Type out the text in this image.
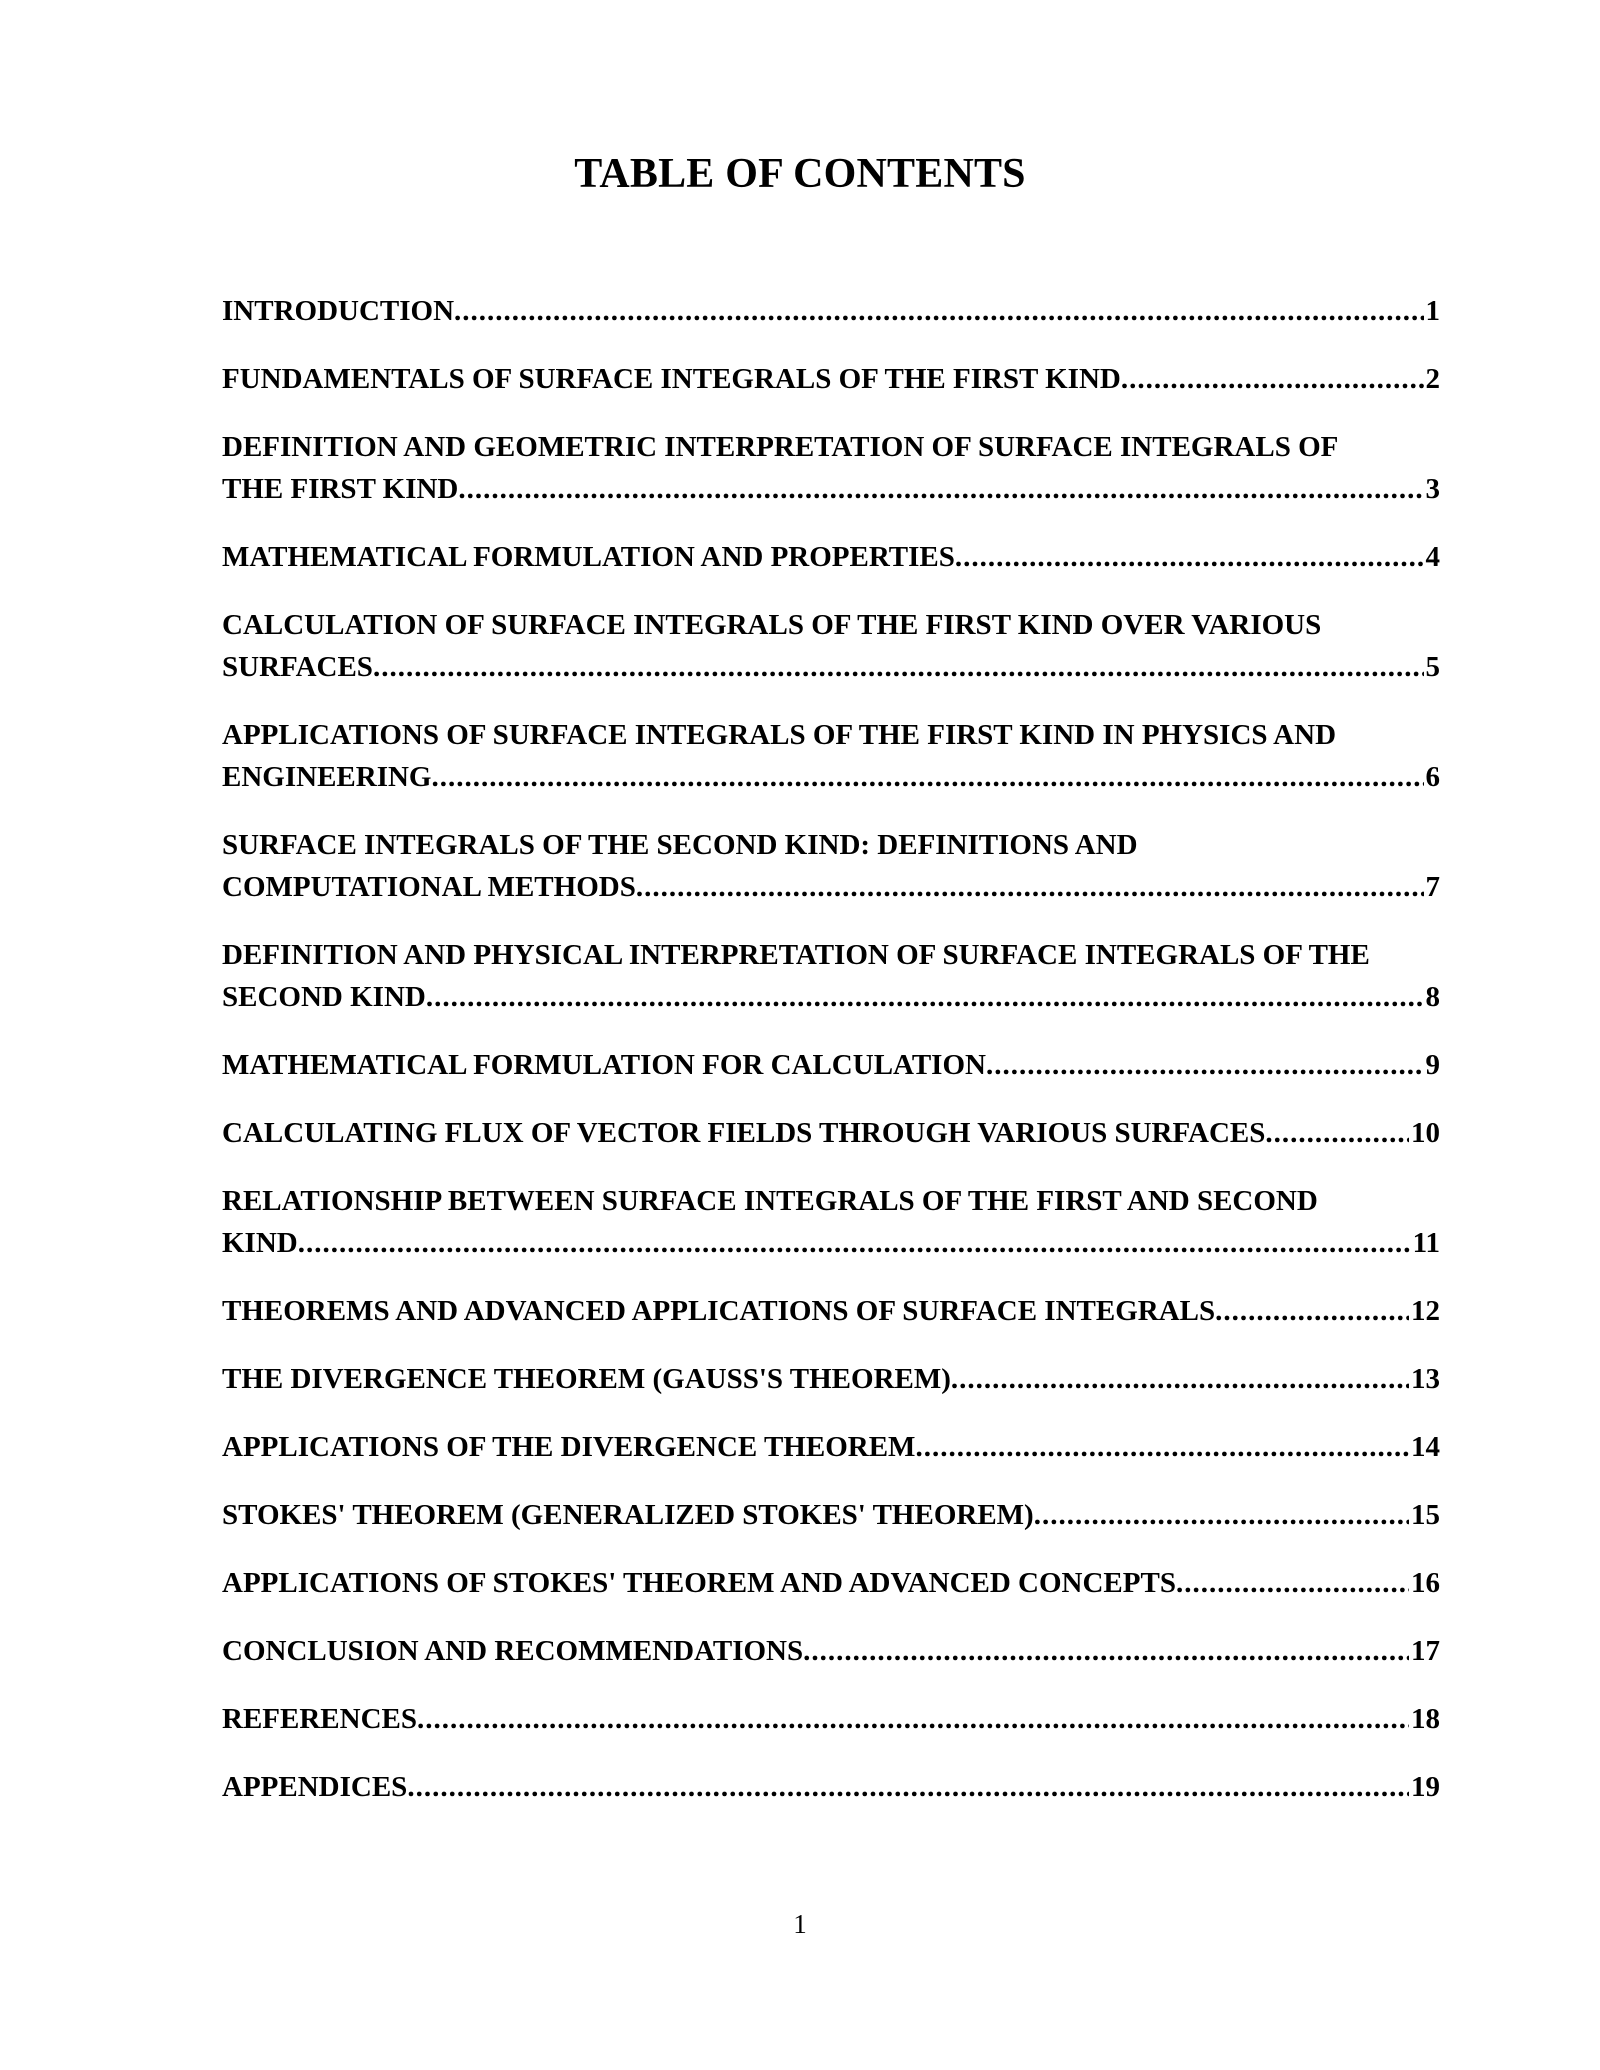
TABLE OF CONTENTS
INTRODUCTION .....	1
FUNDAMENTALS OF SURFACE INTEGRALS OF THE FIRST KIND .....	2
DEFINITION AND GEOMETRIC INTERPRETATION OF SURFACE INTEGRALS OF
THE FIRST KIND .....	3
MATHEMATICAL FORMULATION AND PROPERTIES .....	4
CALCULATION OF SURFACE INTEGRALS OF THE FIRST KIND OVER VARIOUS
SURFACES .....	5
APPLICATIONS OF SURFACE INTEGRALS OF THE FIRST KIND IN PHYSICS AND
ENGINEERING .....	6
SURFACE INTEGRALS OF THE SECOND KIND: DEFINITIONS AND
COMPUTATIONAL METHODS .....	7
DEFINITION AND PHYSICAL INTERPRETATION OF SURFACE INTEGRALS OF THE
SECOND KIND .....	8
MATHEMATICAL FORMULATION FOR CALCULATION .....	9
CALCULATING FLUX OF VECTOR FIELDS THROUGH VARIOUS SURFACES .....	10
RELATIONSHIP BETWEEN SURFACE INTEGRALS OF THE FIRST AND SECOND
KIND .....	11
THEOREMS AND ADVANCED APPLICATIONS OF SURFACE INTEGRALS .....	12
THE DIVERGENCE THEOREM (GAUSS'S THEOREM) .....	13
APPLICATIONS OF THE DIVERGENCE THEOREM .....	14
STOKES' THEOREM (GENERALIZED STOKES' THEOREM) .....	15
APPLICATIONS OF STOKES' THEOREM AND ADVANCED CONCEPTS .....	16
CONCLUSION AND RECOMMENDATIONS .....	17
REFERENCES .....	18
APPENDICES .....	19
1
